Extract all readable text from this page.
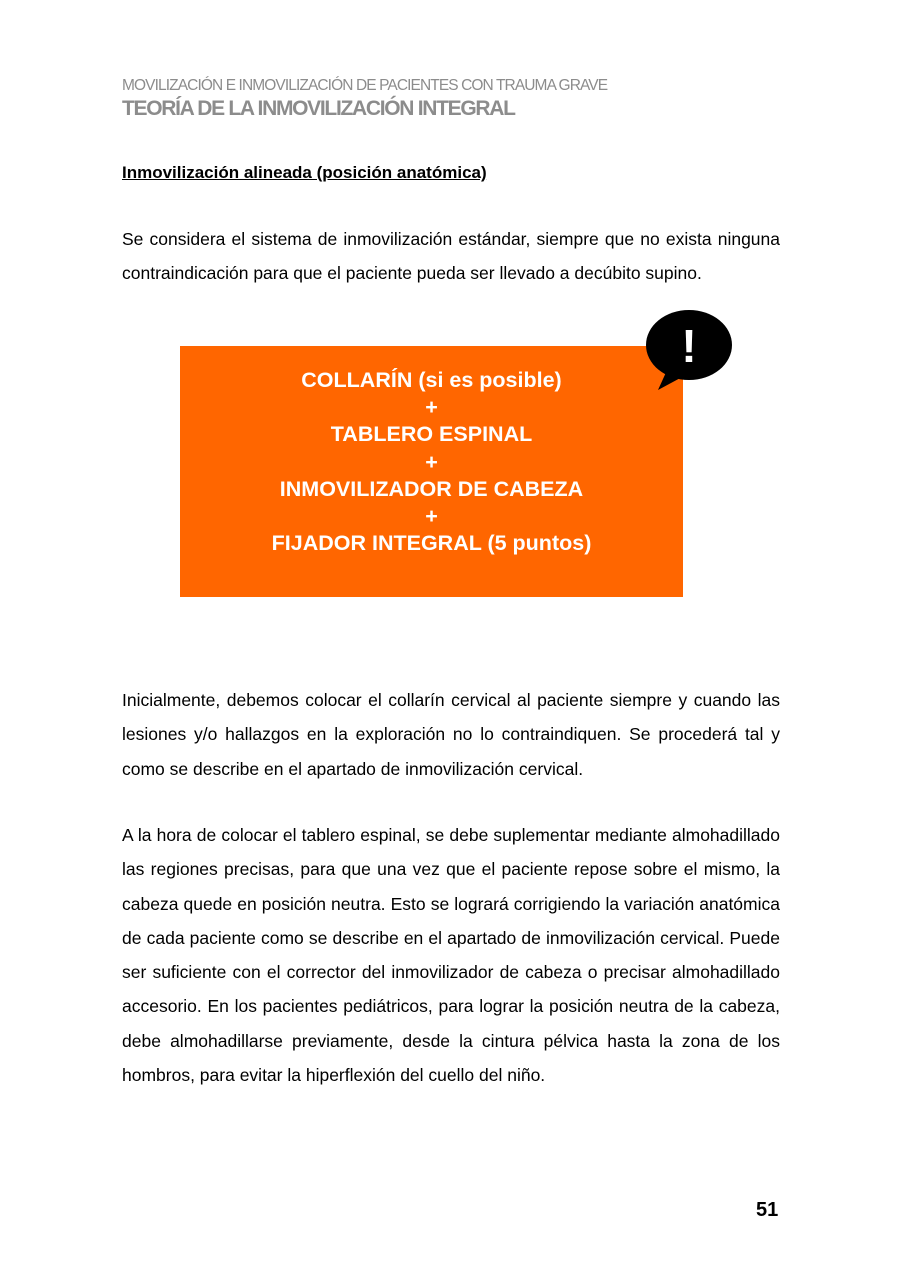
MOVILIZACIÓN E INMOVILIZACIÓN DE PACIENTES CON TRAUMA GRAVE
TEORÍA DE LA INMOVILIZACIÓN INTEGRAL
Inmovilización alineada (posición anatómica)

Se considera el sistema de inmovilización estándar, siempre que no exista ninguna contraindicación para que el paciente pueda ser llevado a decúbito supino.

COLLARÍN (si es posible)
+
TABLERO ESPINAL
+
INMOVILIZADOR DE CABEZA
+
FIJADOR INTEGRAL (5 puntos)
!

Inicialmente, debemos colocar el collarín cervical al paciente siempre y cuando las lesiones y/o hallazgos en la exploración no lo contraindiquen. Se procederá tal y como se describe en el apartado de inmovilización cervical.

A la hora de colocar el tablero espinal, se debe suplementar mediante almohadillado las regiones precisas, para que una vez que el paciente repose sobre el mismo, la cabeza quede en posición neutra. Esto se logrará corrigiendo la variación anatómica de cada paciente como se describe en el apartado de inmovilización cervical. Puede ser suficiente con el corrector del inmovilizador de cabeza o precisar almohadillado accesorio. En los pacientes pediátricos, para lograr la posición neutra de la cabeza, debe almohadillarse previamente, desde la cintura pélvica hasta la zona de los hombros, para evitar la hiperflexión del cuello del niño.

51
